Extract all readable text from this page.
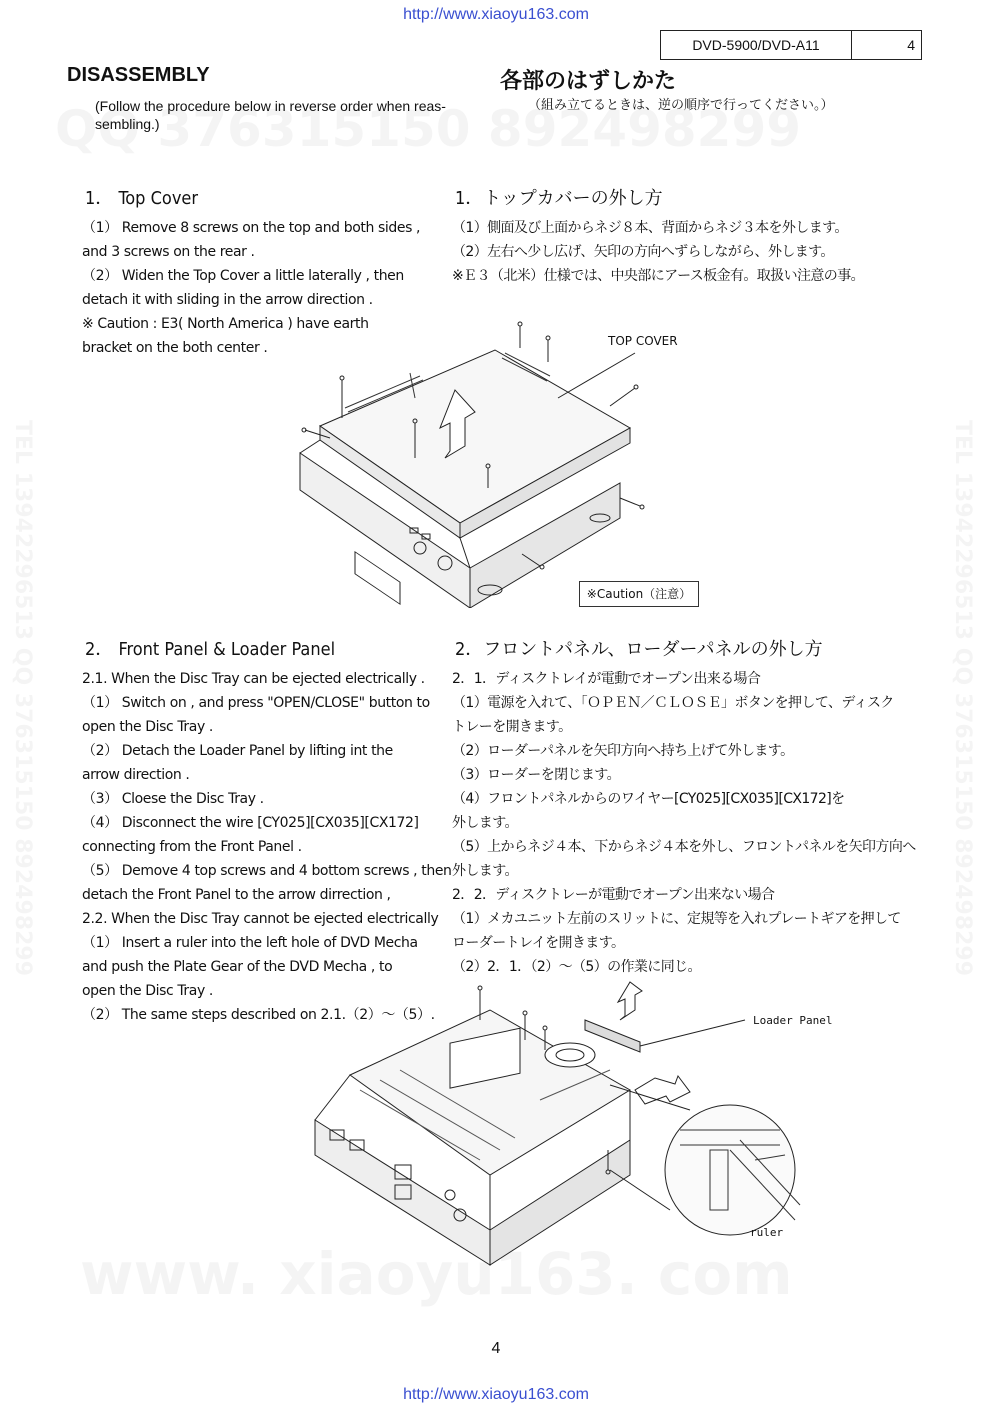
http://www.xiaoyu163.com
DVD-5900/DVD-A11	4
DISASSEMBLY	各部のはずしかた
(Follow the procedure below in reverse order when reas-
sembling.)
（組み立てるときは、逆の順序で行ってください。）
1． Top Cover	1．トップカバーの外し方
（1） Remove 8 screws on the top and both sides ,
and 3 screws on the rear .
（2） Widen the Top Cover a little laterally , then
detach it with sliding in the arrow direction .
※ Caution : E3( North America ) have earth
bracket on the both center .
（1）側面及び上面からネジ８本、背面からネジ３本を外します。
（2）左右へ少し広げ、矢印の方向へずらしながら、外します。
※Ｅ３（北米）仕様では、中央部にアース板金有。取扱い注意の事。
TOP COVER
※Caution（注意）
2． Front Panel & Loader Panel	2．フロントパネル、ローダーパネルの外し方
2.1. When the Disc Tray can be ejected electrically .
（1） Switch on , and press "OPEN/CLOSE" button to
open the Disc Tray .
（2） Detach the Loader Panel by lifting int the
arrow direction .
（3） Cloese the Disc Tray .
（4） Disconnect the wire [CY025][CX035][CX172]
connecting from the Front Panel .
（5） Demove 4 top screws and 4 bottom screws , then
detach the Front Panel to the arrow dirrection ,
2.2. When the Disc Tray cannot be ejected electrically
（1） Insert a ruler into the left hole of DVD Mecha
and push the Plate Gear of the DVD Mecha , to
open the Disc Tray .
（2） The same steps described on 2.1.（2）～（5）.
2．1．ディスクトレイが電動でオープン出来る場合
（1）電源を入れて、「ＯＰＥＮ／ＣＬＯＳＥ」ボタンを押して、ディスク
トレーを開きます。
（2）ローダーパネルを矢印方向へ持ち上げて外します。
（3）ローダーを閉じます。
（4）フロントパネルからのワイヤー[CY025][CX035][CX172]を
外します。
（5）上からネジ４本、下からネジ４本を外し、フロントパネルを矢印方向へ
外します。
2．2．ディスクトレーが電動でオープン出来ない場合
（1）メカユニット左前のスリットに、定規等を入れプレートギアを押して
ローダートレイを開きます。
（2）2．1．（2）～（5）の作業に同じ。
Loader Panel
ruler
4
http://www.xiaoyu163.com
